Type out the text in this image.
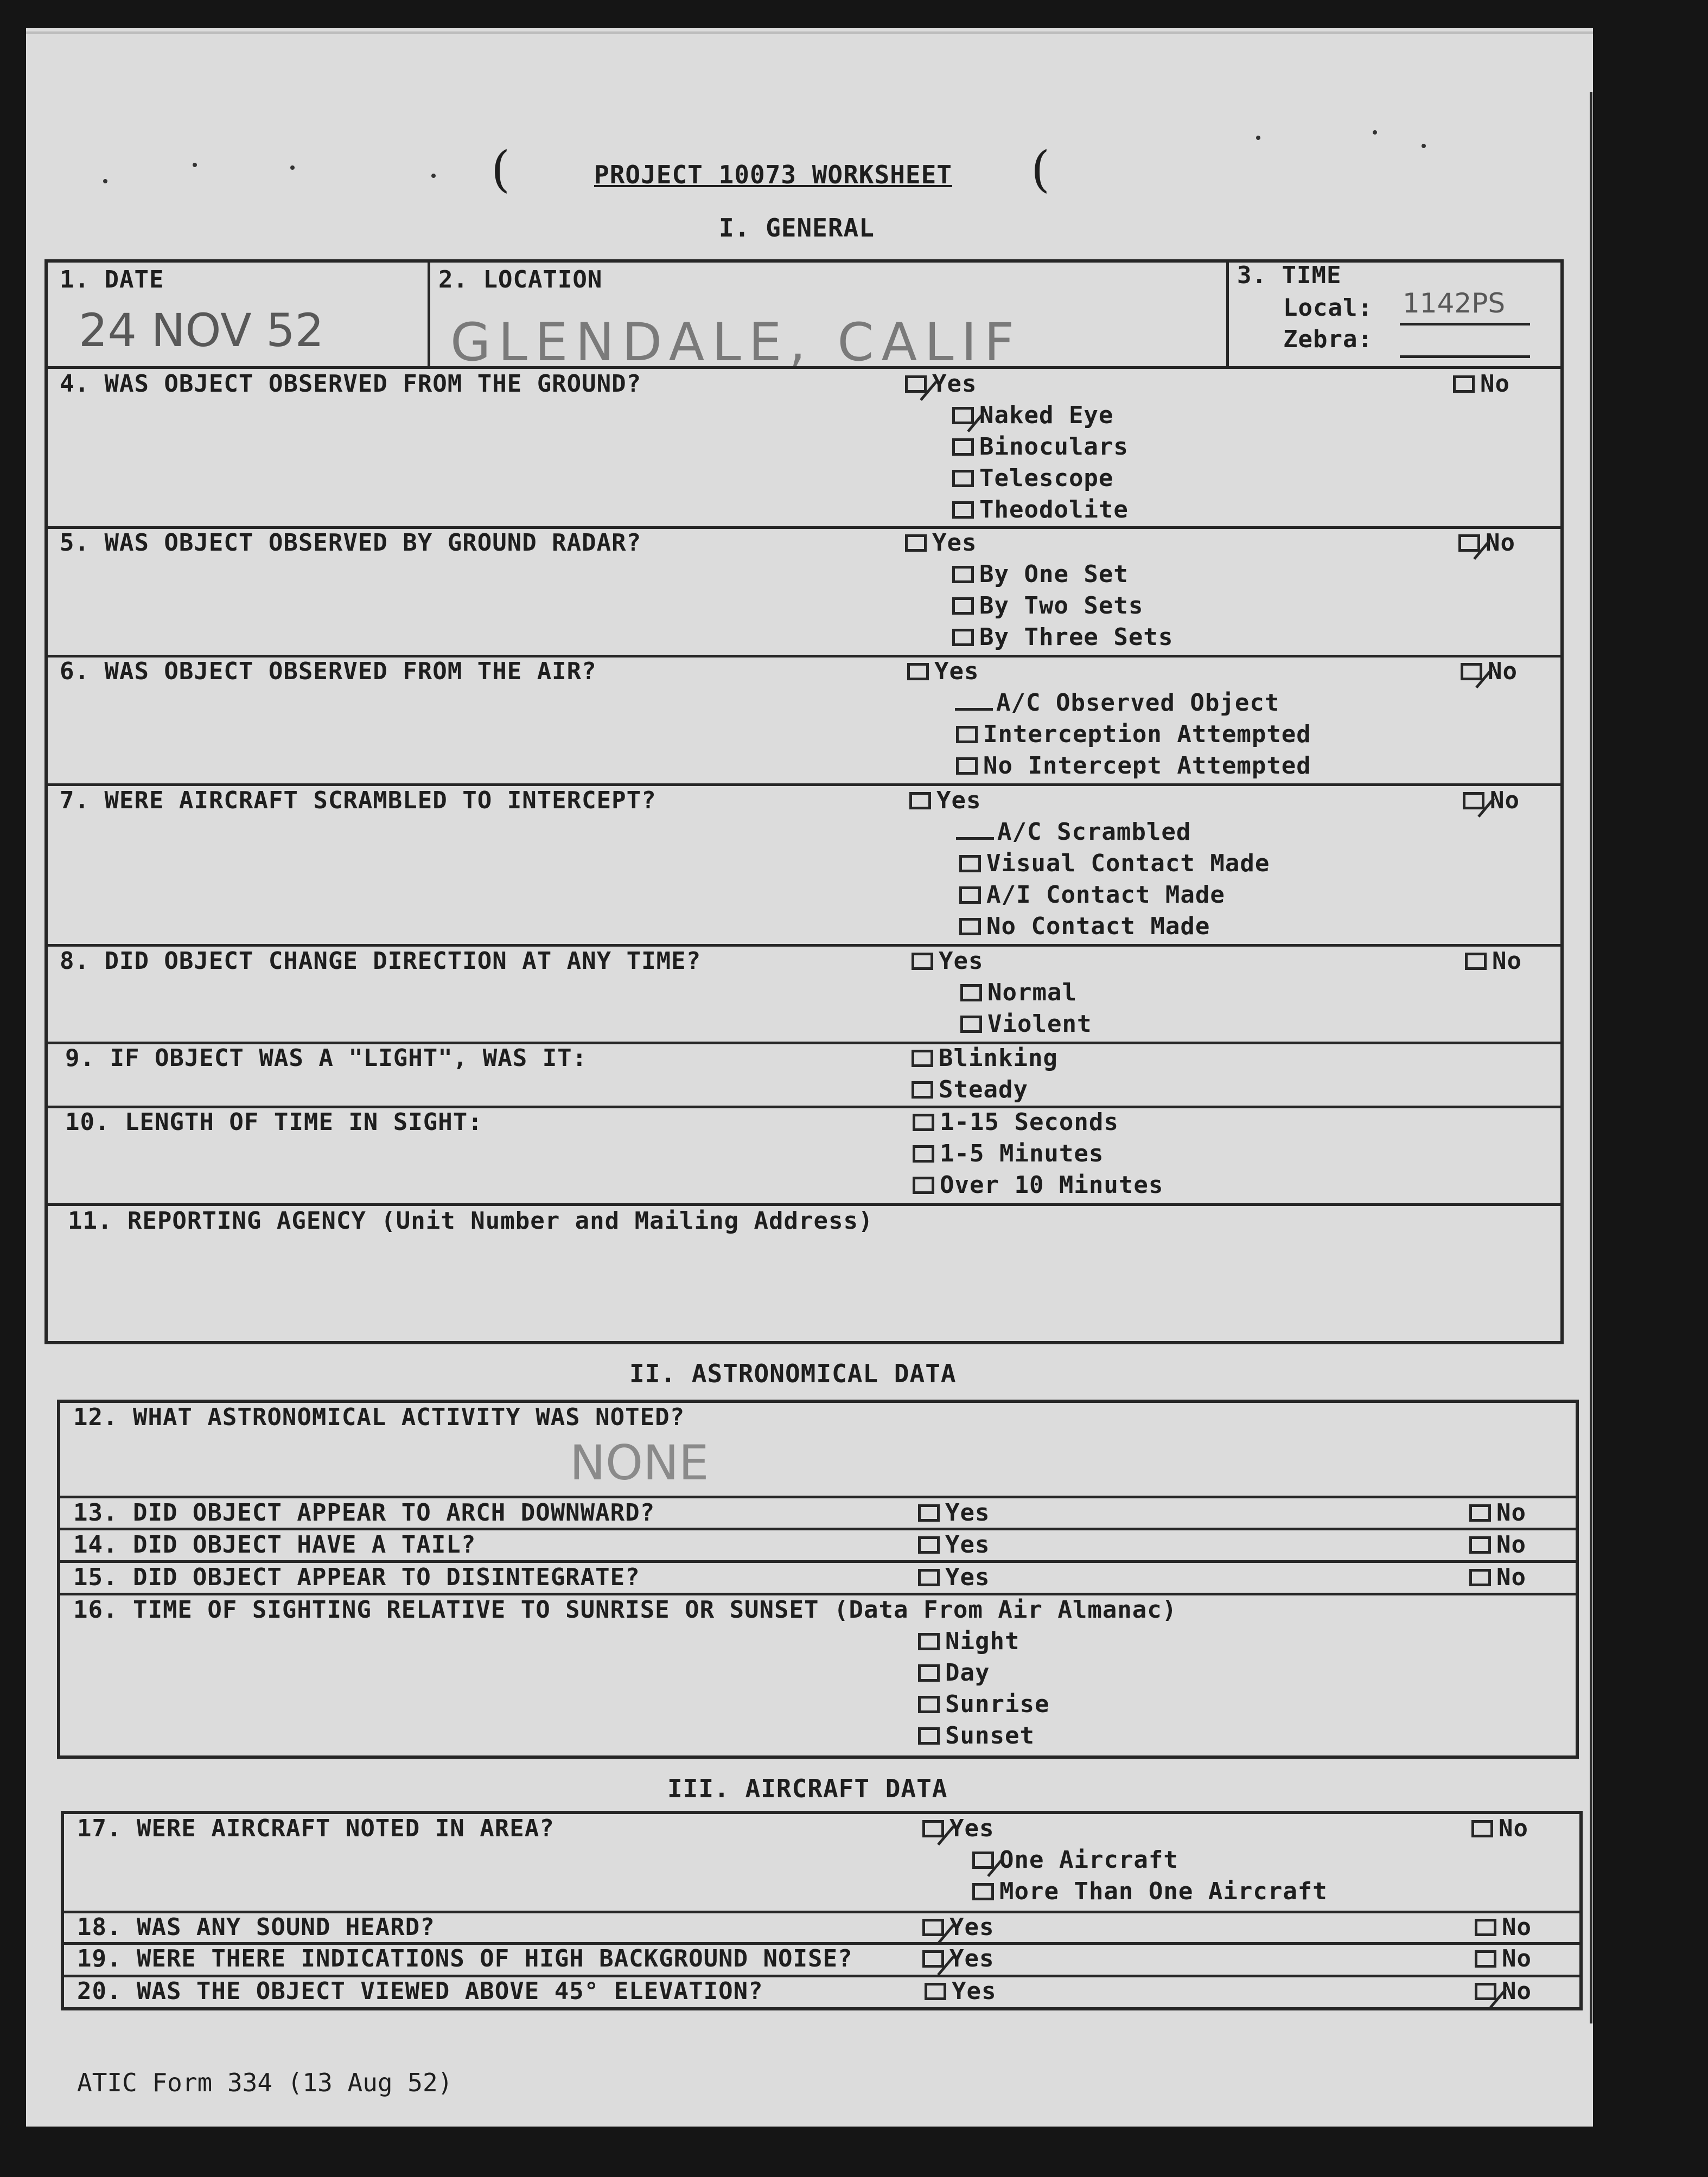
(	(
PROJECT 10073 WORKSHEET
I. GENERAL
1. DATE
24 NOV 52
2. LOCATION
GLENDALE, CALIF
3. TIME
Local: 1142PS
Zebra:
4. WAS OBJECT OBSERVED FROM THE GROUND?	Yes	No
Naked Eye
Binoculars
Telescope
Theodolite
5. WAS OBJECT OBSERVED BY GROUND RADAR?	Yes	No
By One Set
By Two Sets
By Three Sets
6. WAS OBJECT OBSERVED FROM THE AIR?	Yes	No
A/C Observed Object
Interception Attempted
No Intercept Attempted
7. WERE AIRCRAFT SCRAMBLED TO INTERCEPT?	Yes	No
A/C Scrambled
Visual Contact Made
A/I Contact Made
No Contact Made
8. DID OBJECT CHANGE DIRECTION AT ANY TIME?	Yes	No
Normal
Violent
9. IF OBJECT WAS A "LIGHT", WAS IT:	Blinking
Steady
10. LENGTH OF TIME IN SIGHT:	1-15 Seconds
1-5 Minutes
Over 10 Minutes
11. REPORTING AGENCY (Unit Number and Mailing Address)
II. ASTRONOMICAL DATA
12. WHAT ASTRONOMICAL ACTIVITY WAS NOTED?
NONE
13. DID OBJECT APPEAR TO ARCH DOWNWARD?	Yes	No
14. DID OBJECT HAVE A TAIL?	Yes	No
15. DID OBJECT APPEAR TO DISINTEGRATE?	Yes	No
16. TIME OF SIGHTING RELATIVE TO SUNRISE OR SUNSET (Data From Air Almanac)
Night
Day
Sunrise
Sunset
III. AIRCRAFT DATA
17. WERE AIRCRAFT NOTED IN AREA?	Yes	No
One Aircraft
More Than One Aircraft
18. WAS ANY SOUND HEARD?	Yes	No
19. WERE THERE INDICATIONS OF HIGH BACKGROUND NOISE?	Yes	No
20. WAS THE OBJECT VIEWED ABOVE 45° ELEVATION?	Yes	No
ATIC Form 334 (13 Aug 52)
